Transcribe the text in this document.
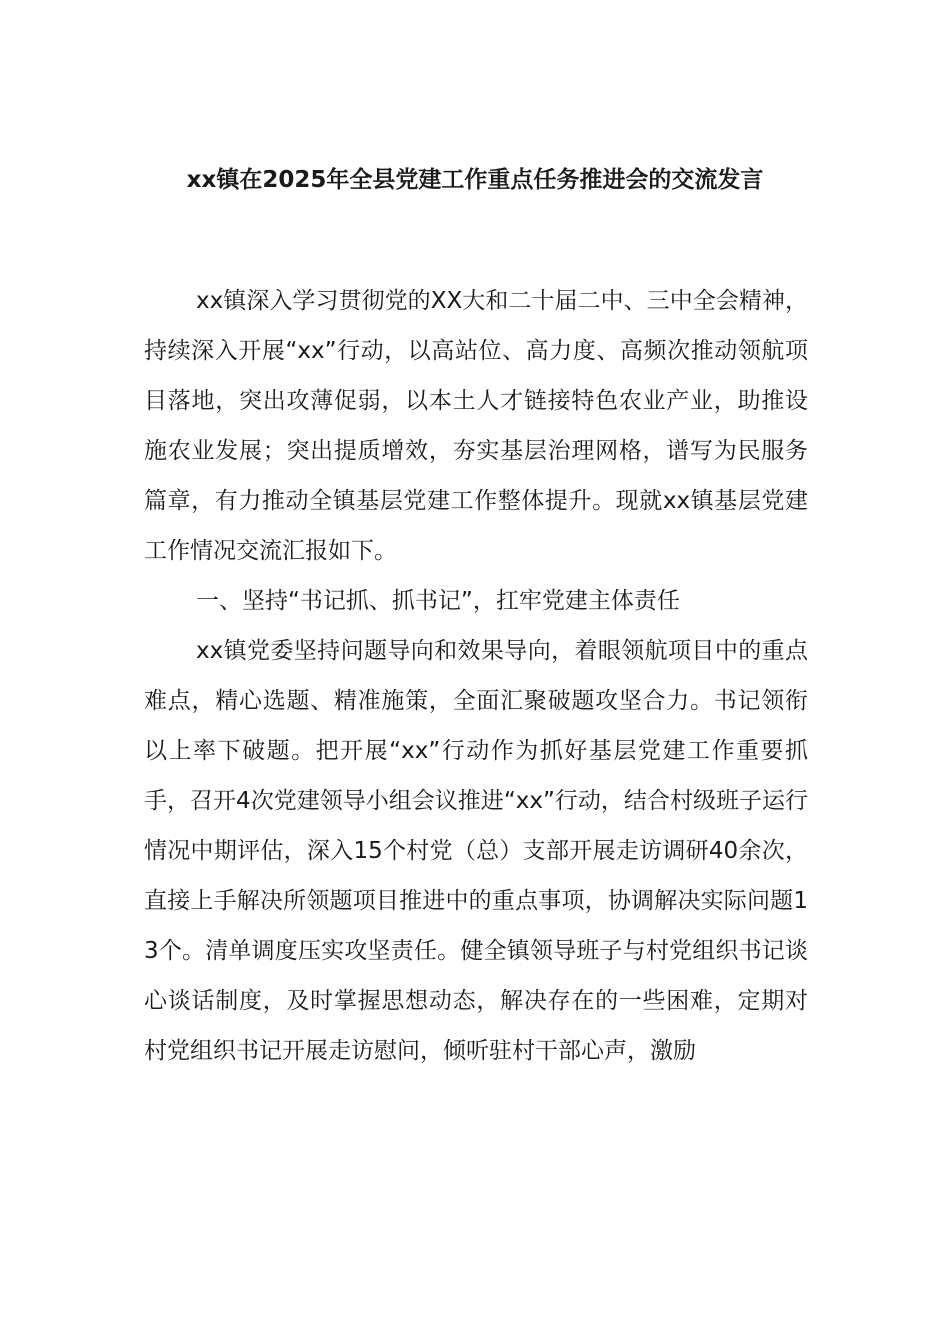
xx镇在2025年全县党建工作重点任务推进会的交流发言

xx镇深入学习贯彻党的XX大和二十届二中、三中全会精神，持续深入开展“xx”行动，以高站位、高力度、高频次推动领航项目落地，突出攻薄促弱，以本土人才链接特色农业产业，助推设施农业发展；突出提质增效，夯实基层治理网格，谱写为民服务篇章，有力推动全镇基层党建工作整体提升。现就xx镇基层党建工作情况交流汇报如下。

一、坚持“书记抓、抓书记”，扛牢党建主体责任

xx镇党委坚持问题导向和效果导向，着眼领航项目中的重点难点，精心选题、精准施策，全面汇聚破题攻坚合力。书记领衔以上率下破题。把开展“xx”行动作为抓好基层党建工作重要抓手，召开4次党建领导小组会议推进“xx”行动，结合村级班子运行情况中期评估，深入15个村党（总）支部开展走访调研40余次，直接上手解决所领题项目推进中的重点事项，协调解决实际问题13个。清单调度压实攻坚责任。健全镇领导班子与村党组织书记谈心谈话制度，及时掌握思想动态，解决存在的一些困难，定期对村党组织书记开展走访慰问，倾听驻村干部心声，激励
